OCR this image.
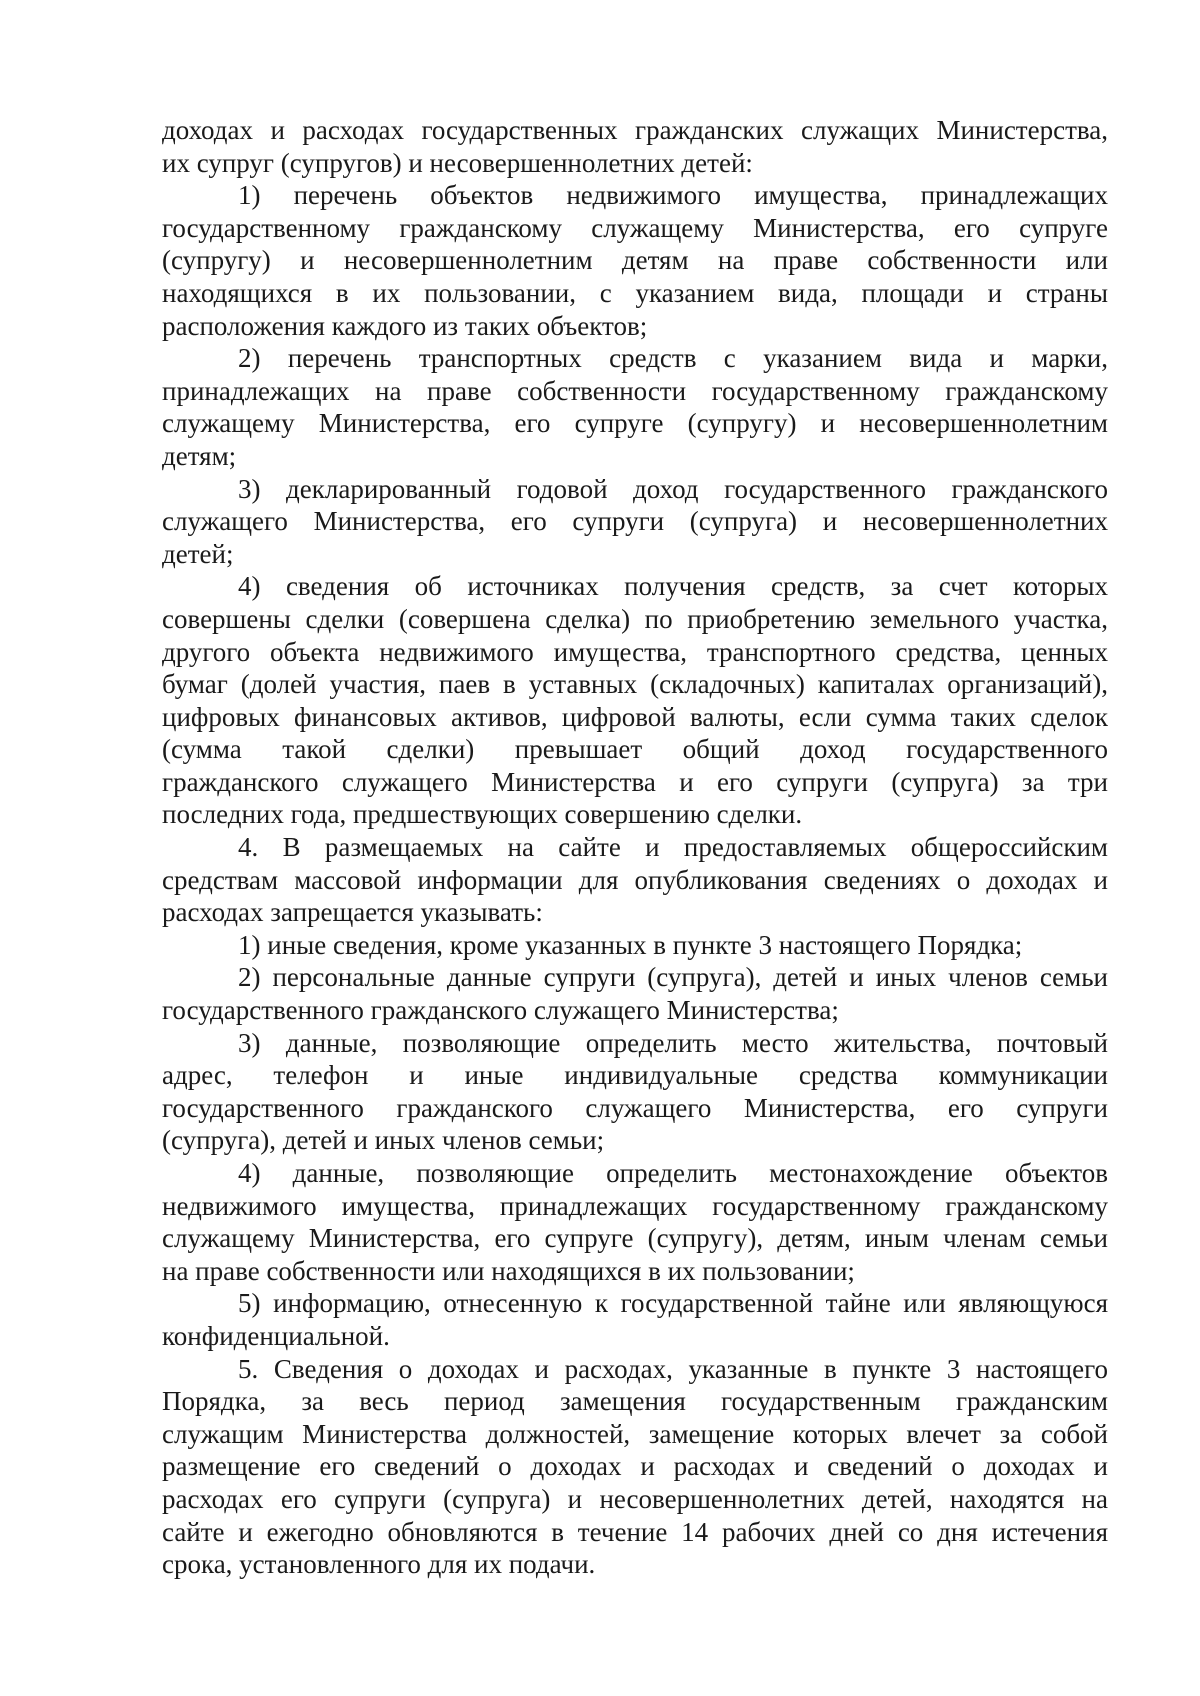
доходах и расходах государственных гражданских служащих Министерства,
их супруг (супругов) и несовершеннолетних детей:
1) перечень объектов недвижимого имущества, принадлежащих
государственному гражданскому служащему Министерства, его супруге
(супругу) и несовершеннолетним детям на праве собственности или
находящихся в их пользовании, с указанием вида, площади и страны
расположения каждого из таких объектов;
2) перечень транспортных средств с указанием вида и марки,
принадлежащих на праве собственности государственному гражданскому
служащему Министерства, его супруге (супругу) и несовершеннолетним
детям;
3) декларированный годовой доход государственного гражданского
служащего Министерства, его супруги (супруга) и несовершеннолетних
детей;
4) сведения об источниках получения средств, за счет которых
совершены сделки (совершена сделка) по приобретению земельного участка,
другого объекта недвижимого имущества, транспортного средства, ценных
бумаг (долей участия, паев в уставных (складочных) капиталах организаций),
цифровых финансовых активов, цифровой валюты, если сумма таких сделок
(сумма такой сделки) превышает общий доход государственного
гражданского служащего Министерства и его супруги (супруга) за три
последних года, предшествующих совершению сделки.
4. В размещаемых на сайте и предоставляемых общероссийским
средствам массовой информации для опубликования сведениях о доходах и
расходах запрещается указывать:
1) иные сведения, кроме указанных в пункте 3 настоящего Порядка;
2) персональные данные супруги (супруга), детей и иных членов семьи
государственного гражданского служащего Министерства;
3) данные, позволяющие определить место жительства, почтовый
адрес, телефон и иные индивидуальные средства коммуникации
государственного гражданского служащего Министерства, его супруги
(супруга), детей и иных членов семьи;
4) данные, позволяющие определить местонахождение объектов
недвижимого имущества, принадлежащих государственному гражданскому
служащему Министерства, его супруге (супругу), детям, иным членам семьи
на праве собственности или находящихся в их пользовании;
5) информацию, отнесенную к государственной тайне или являющуюся
конфиденциальной.
5. Сведения о доходах и расходах, указанные в пункте 3 настоящего
Порядка, за весь период замещения государственным гражданским
служащим Министерства должностей, замещение которых влечет за собой
размещение его сведений о доходах и расходах и сведений о доходах и
расходах его супруги (супруга) и несовершеннолетних детей, находятся на
сайте и ежегодно обновляются в течение 14 рабочих дней со дня истечения
срока, установленного для их подачи.
